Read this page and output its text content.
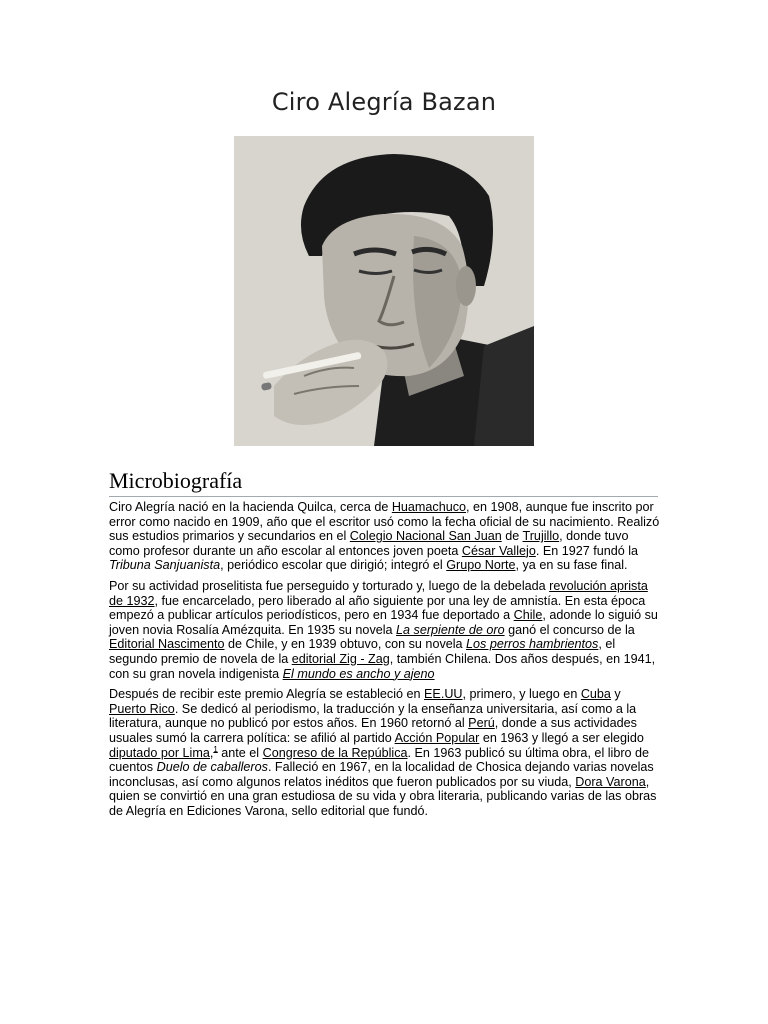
Ciro Alegría Bazan
Microbiografía

Ciro Alegría nació en la hacienda Quilca, cerca de Huamachuco, en 1908, aunque fue inscrito por error como nacido en 1909, año que el escritor usó como la fecha oficial de su nacimiento. Realizó sus estudios primarios y secundarios en el Colegio Nacional San Juan de Trujillo, donde tuvo como profesor durante un año escolar al entonces joven poeta César Vallejo. En 1927 fundó la Tribuna Sanjuanista, periódico escolar que dirigió; integró el Grupo Norte, ya en su fase final.

Por su actividad proselitista fue perseguido y torturado y, luego de la debelada revolución aprista de 1932, fue encarcelado, pero liberado al año siguiente por una ley de amnistía. En esta época empezó a publicar artículos periodísticos, pero en 1934 fue deportado a Chile, adonde lo siguió su joven novia Rosalía Amézquita. En 1935 su novela La serpiente de oro ganó el concurso de la Editorial Nascimento de Chile, y en 1939 obtuvo, con su novela Los perros hambrientos, el segundo premio de novela de la editorial Zig - Zag, también Chilena. Dos años después, en 1941, con su gran novela indigenista El mundo es ancho y ajeno

Después de recibir este premio Alegría se estableció en EE.UU, primero, y luego en Cuba y Puerto Rico. Se dedicó al periodismo, la traducción y la enseñanza universitaria, así como a la literatura, aunque no publicó por estos años. En 1960 retornó al Perú, donde a sus actividades usuales sumó la carrera política: se afilió al partido Acción Popular en 1963 y llegó a ser elegido diputado por Lima,$^1$ ante el Congreso de la República. En 1963 publicó su última obra, el libro de cuentos Duelo de caballeros. Falleció en 1967, en la localidad de Chosica dejando varias novelas inconclusas, así como algunos relatos inéditos que fueron publicados por su viuda, Dora Varona, quien se convirtió en una gran estudiosa de su vida y obra literaria, publicando varias de las obras de Alegría en Ediciones Varona, sello editorial que fundó.
